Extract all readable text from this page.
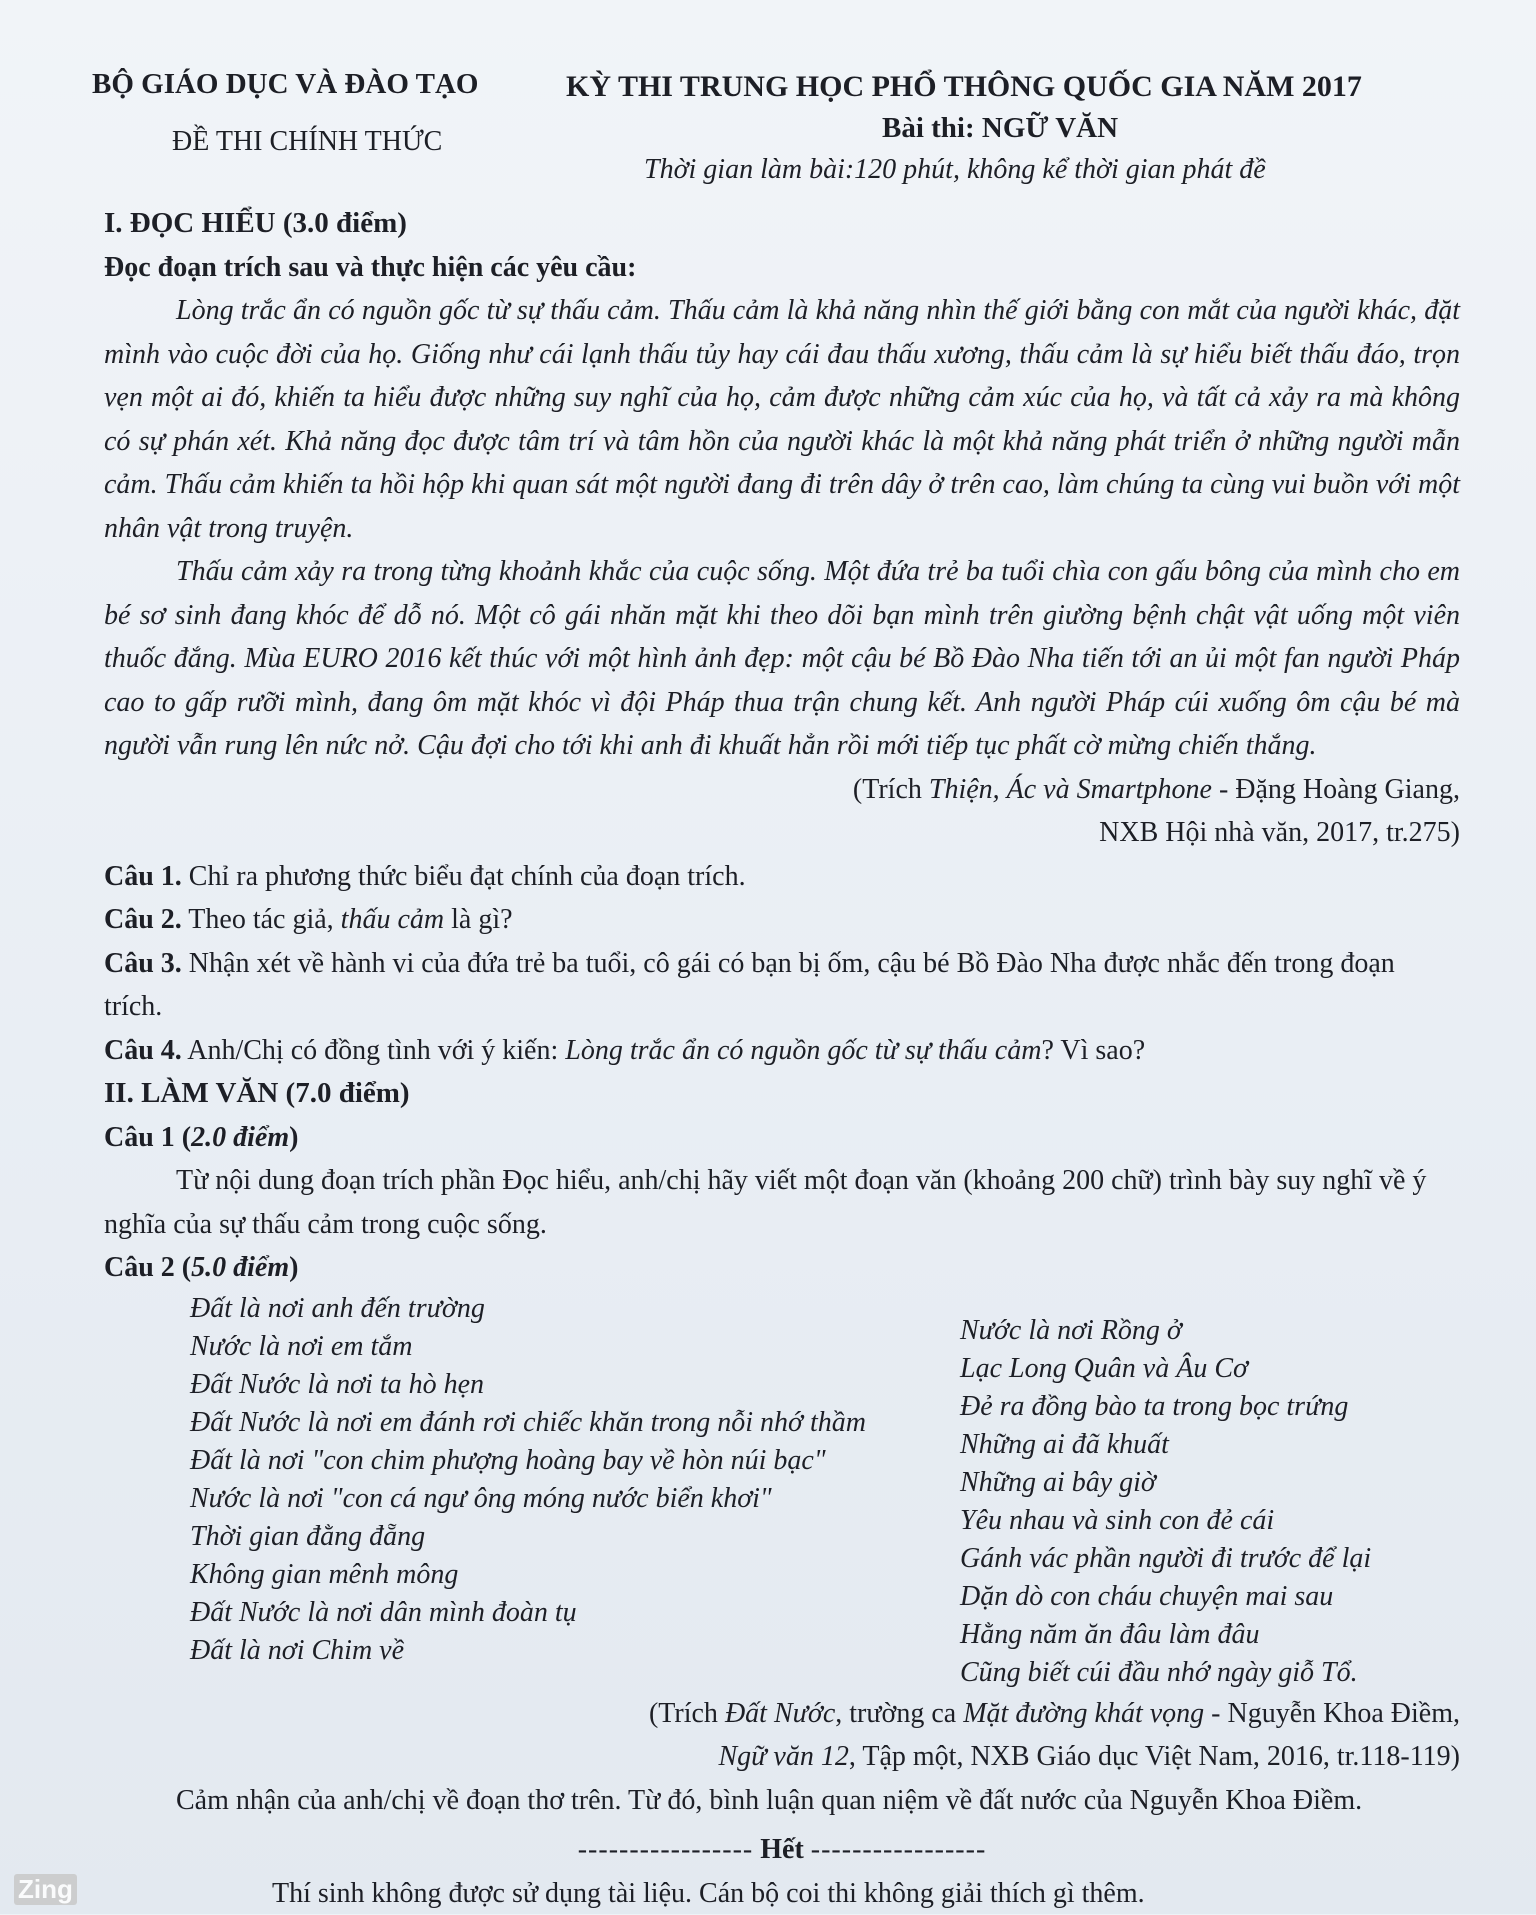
BỘ GIÁO DỤC VÀ ĐÀO TẠO
ĐỀ THI CHÍNH THỨC
KỲ THI TRUNG HỌC PHỔ THÔNG QUỐC GIA NĂM 2017
Bài thi: NGỮ VĂN
Thời gian làm bài:120 phút, không kể thời gian phát đề
I. ĐỌC HIỂU (3.0 điểm)
Đọc đoạn trích sau và thực hiện các yêu cầu:
Lòng trắc ẩn có nguồn gốc từ sự thấu cảm. Thấu cảm là khả năng nhìn thế giới bằng con mắt của người khác, đặt mình vào cuộc đời của họ. Giống như cái lạnh thấu tủy hay cái đau thấu xương, thấu cảm là sự hiểu biết thấu đáo, trọn vẹn một ai đó, khiến ta hiểu được những suy nghĩ của họ, cảm được những cảm xúc của họ, và tất cả xảy ra mà không có sự phán xét. Khả năng đọc được tâm trí và tâm hồn của người khác là một khả năng phát triển ở những người mẫn cảm. Thấu cảm khiến ta hồi hộp khi quan sát một người đang đi trên dây ở trên cao, làm chúng ta cùng vui buồn với một nhân vật trong truyện.
Thấu cảm xảy ra trong từng khoảnh khắc của cuộc sống. Một đứa trẻ ba tuổi chìa con gấu bông của mình cho em bé sơ sinh đang khóc để dỗ nó. Một cô gái nhăn mặt khi theo dõi bạn mình trên giường bệnh chật vật uống một viên thuốc đắng. Mùa EURO 2016 kết thúc với một hình ảnh đẹp: một cậu bé Bồ Đào Nha tiến tới an ủi một fan người Pháp cao to gấp rưỡi mình, đang ôm mặt khóc vì đội Pháp thua trận chung kết. Anh người Pháp cúi xuống ôm cậu bé mà người vẫn rung lên nức nở. Cậu đợi cho tới khi anh đi khuất hẳn rồi mới tiếp tục phất cờ mừng chiến thắng.
(Trích Thiện, Ác và Smartphone - Đặng Hoàng Giang,
NXB Hội nhà văn, 2017, tr.275)
Câu 1. Chỉ ra phương thức biểu đạt chính của đoạn trích.
Câu 2. Theo tác giả, thấu cảm là gì?
Câu 3. Nhận xét về hành vi của đứa trẻ ba tuổi, cô gái có bạn bị ốm, cậu bé Bồ Đào Nha được nhắc đến trong đoạn trích.
Câu 4. Anh/Chị có đồng tình với ý kiến: Lòng trắc ẩn có nguồn gốc từ sự thấu cảm? Vì sao?
II. LÀM VĂN (7.0 điểm)
Câu 1 (2.0 điểm)
Từ nội dung đoạn trích phần Đọc hiểu, anh/chị hãy viết một đoạn văn (khoảng 200 chữ) trình bày suy nghĩ về ý nghĩa của sự thấu cảm trong cuộc sống.
Câu 2 (5.0 điểm)
Đất là nơi anh đến trường
Nước là nơi em tắm
Đất Nước là nơi ta hò hẹn
Đất Nước là nơi em đánh rơi chiếc khăn trong nỗi nhớ thầm
Đất là nơi "con chim phượng hoàng bay về hòn núi bạc"
Nước là nơi "con cá ngư ông móng nước biển khơi"
Thời gian đằng đẵng
Không gian mênh mông
Đất Nước là nơi dân mình đoàn tụ
Đất là nơi Chim về
Nước là nơi Rồng ở
Lạc Long Quân và Âu Cơ
Đẻ ra đồng bào ta trong bọc trứng
Những ai đã khuất
Những ai bây giờ
Yêu nhau và sinh con đẻ cái
Gánh vác phần người đi trước để lại
Dặn dò con cháu chuyện mai sau
Hằng năm ăn đâu làm đâu
Cũng biết cúi đầu nhớ ngày giỗ Tổ.
(Trích Đất Nước, trường ca Mặt đường khát vọng - Nguyễn Khoa Điềm,
Ngữ văn 12, Tập một, NXB Giáo dục Việt Nam, 2016, tr.118-119)
Cảm nhận của anh/chị về đoạn thơ trên. Từ đó, bình luận quan niệm về đất nước của Nguyễn Khoa Điềm.
----------------- Hết -----------------
Thí sinh không được sử dụng tài liệu. Cán bộ coi thi không giải thích gì thêm.
Zing
